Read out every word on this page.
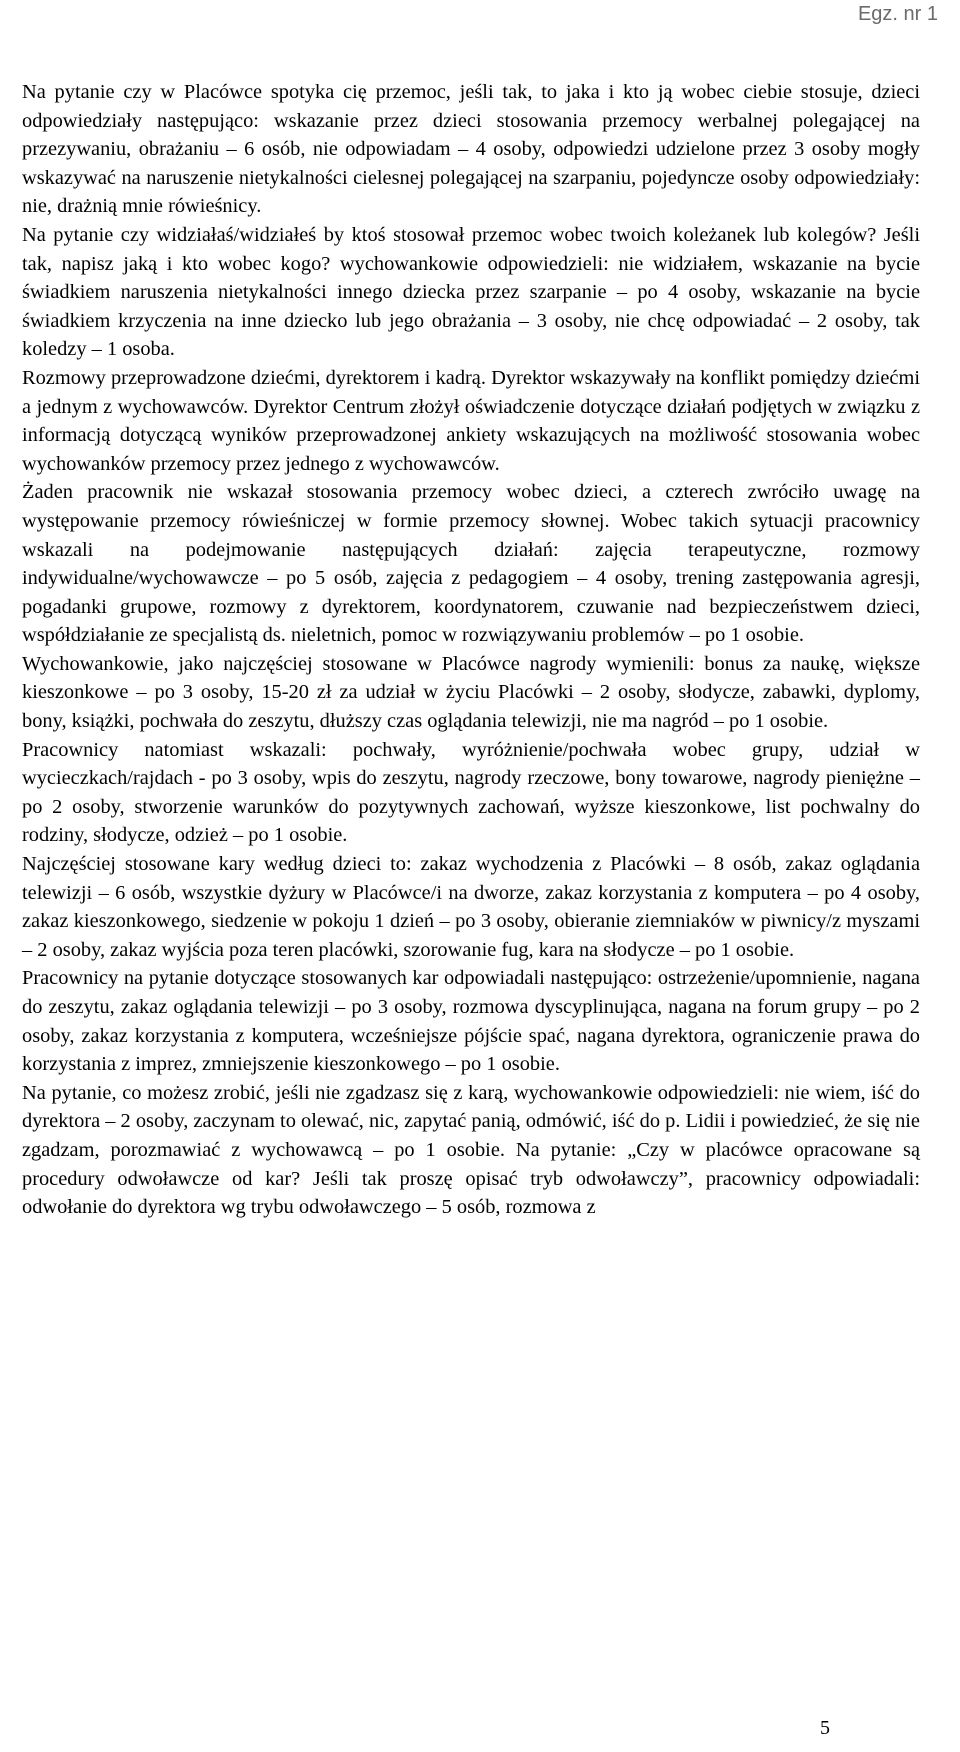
Egz. nr 1

Na pytanie czy w Placówce spotyka cię przemoc, jeśli tak, to jaka i kto ją wobec ciebie stosuje, dzieci odpowiedziały następująco: wskazanie przez dzieci stosowania przemocy werbalnej polegającej na przezywaniu, obrażaniu – 6 osób, nie odpowiadam – 4 osoby, odpowiedzi udzielone przez 3 osoby mogły wskazywać na naruszenie nietykalności cielesnej polegającej na szarpaniu, pojedyncze osoby odpowiedziały: nie, drażnią mnie rówieśnicy.

Na pytanie czy widziałaś/widziałeś by ktoś stosował przemoc wobec twoich koleżanek lub kolegów? Jeśli tak, napisz jaką i kto wobec kogo? wychowankowie odpowiedzieli: nie widziałem, wskazanie na bycie świadkiem naruszenia nietykalności innego dziecka przez szarpanie – po 4 osoby, wskazanie na bycie świadkiem krzyczenia na inne dziecko lub jego obrażania – 3 osoby, nie chcę odpowiadać – 2 osoby, tak koledzy – 1 osoba.

Rozmowy przeprowadzone dziećmi, dyrektorem i kadrą. Dyrektor wskazywały na konflikt pomiędzy dziećmi a jednym z wychowawców. Dyrektor Centrum złożył oświadczenie dotyczące działań podjętych w związku z informacją dotyczącą wyników przeprowadzonej ankiety wskazujących na możliwość stosowania wobec wychowanków przemocy przez jednego z wychowawców.

Żaden pracownik nie wskazał stosowania przemocy wobec dzieci, a czterech zwróciło uwagę na występowanie przemocy rówieśniczej w formie przemocy słownej. Wobec takich sytuacji pracownicy wskazali na podejmowanie następujących działań: zajęcia terapeutyczne, rozmowy indywidualne/wychowawcze – po 5 osób, zajęcia z pedagogiem – 4 osoby, trening zastępowania agresji, pogadanki grupowe, rozmowy z dyrektorem, koordynatorem, czuwanie nad bezpieczeństwem dzieci, współdziałanie ze specjalistą ds. nieletnich, pomoc w rozwiązywaniu problemów – po 1 osobie.

Wychowankowie, jako najczęściej stosowane w Placówce nagrody wymienili: bonus za naukę, większe kieszonkowe – po 3 osoby, 15-20 zł za udział w życiu Placówki – 2 osoby, słodycze, zabawki, dyplomy, bony, książki, pochwała do zeszytu, dłuższy czas oglądania telewizji, nie ma nagród – po 1 osobie.

Pracownicy natomiast wskazali: pochwały, wyróżnienie/pochwała wobec grupy, udział w wycieczkach/rajdach - po 3 osoby, wpis do zeszytu, nagrody rzeczowe, bony towarowe, nagrody pieniężne – po 2 osoby, stworzenie warunków do pozytywnych zachowań, wyższe kieszonkowe, list pochwalny do rodziny, słodycze, odzież – po 1 osobie.

Najczęściej stosowane kary według dzieci to: zakaz wychodzenia z Placówki – 8 osób, zakaz oglądania telewizji – 6 osób, wszystkie dyżury w Placówce/i na dworze, zakaz korzystania z komputera – po 4 osoby, zakaz kieszonkowego, siedzenie w pokoju 1 dzień – po 3 osoby, obieranie ziemniaków w piwnicy/z myszami – 2 osoby, zakaz wyjścia poza teren placówki, szorowanie fug, kara na słodycze – po 1 osobie.

Pracownicy na pytanie dotyczące stosowanych kar odpowiadali następująco: ostrzeżenie/upomnienie, nagana do zeszytu, zakaz oglądania telewizji – po 3 osoby, rozmowa dyscyplinująca, nagana na forum grupy – po 2 osoby, zakaz korzystania z komputera, wcześniejsze pójście spać, nagana dyrektora, ograniczenie prawa do korzystania z imprez, zmniejszenie kieszonkowego – po 1 osobie.

Na pytanie, co możesz zrobić, jeśli nie zgadzasz się z karą, wychowankowie odpowiedzieli: nie wiem, iść do dyrektora – 2 osoby, zaczynam to olewać, nic, zapytać panią, odmówić, iść do p. Lidii i powiedzieć, że się nie zgadzam, porozmawiać z wychowawcą – po 1 osobie. Na pytanie: „Czy w placówce opracowane są procedury odwoławcze od kar? Jeśli tak proszę opisać tryb odwoławczy”, pracownicy odpowiadali: odwołanie do dyrektora wg trybu odwoławczego – 5 osób, rozmowa z

5
